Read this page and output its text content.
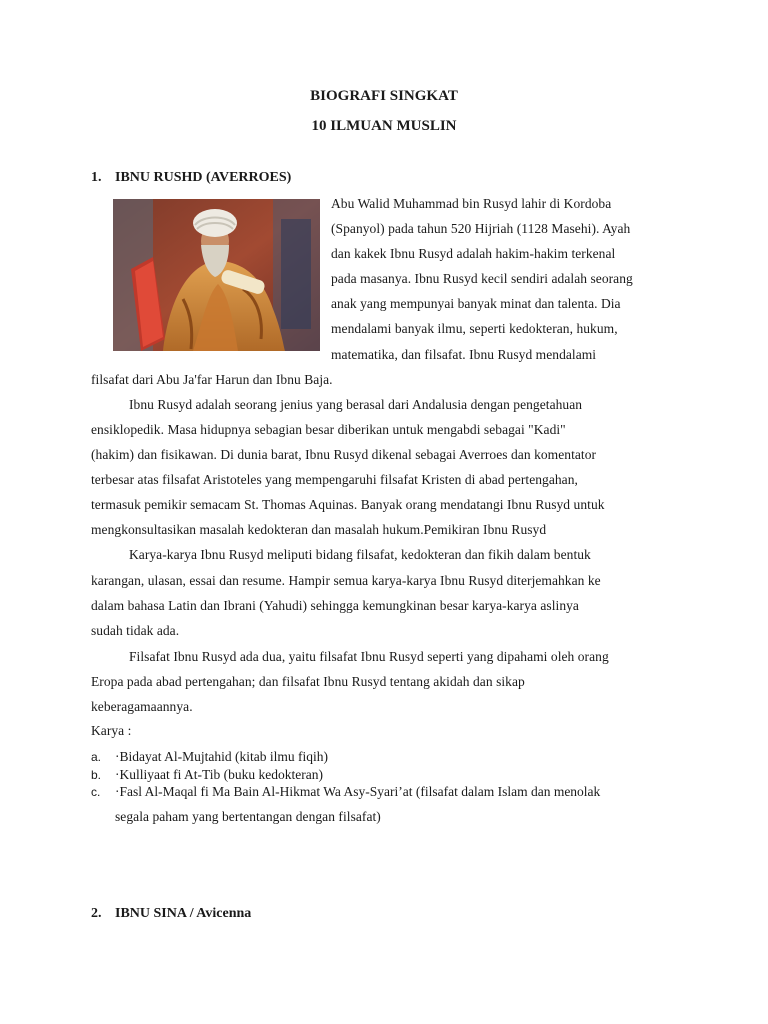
BIOGRAFI SINGKAT
10 ILMUAN MUSLIN
1. IBNU RUSHD (AVERROES)
Abu Walid Muhammad bin Rusyd lahir di Kordoba
(Spanyol) pada tahun 520 Hijriah (1128 Masehi). Ayah
dan kakek Ibnu Rusyd adalah hakim-hakim terkenal
pada masanya. Ibnu Rusyd kecil sendiri adalah seorang
anak yang mempunyai banyak minat dan talenta. Dia
mendalami banyak ilmu, seperti kedokteran, hukum,
matematika, dan filsafat. Ibnu Rusyd mendalami
filsafat dari Abu Ja'far Harun dan Ibnu Baja.
Ibnu Rusyd adalah seorang jenius yang berasal dari Andalusia dengan pengetahuan
ensiklopedik. Masa hidupnya sebagian besar diberikan untuk mengabdi sebagai "Kadi"
(hakim) dan fisikawan. Di dunia barat, Ibnu Rusyd dikenal sebagai Averroes dan komentator
terbesar atas filsafat Aristoteles yang mempengaruhi filsafat Kristen di abad pertengahan,
termasuk pemikir semacam St. Thomas Aquinas. Banyak orang mendatangi Ibnu Rusyd untuk
mengkonsultasikan masalah kedokteran dan masalah hukum.Pemikiran Ibnu Rusyd
Karya-karya Ibnu Rusyd meliputi bidang filsafat, kedokteran dan fikih dalam bentuk
karangan, ulasan, essai dan resume. Hampir semua karya-karya Ibnu Rusyd diterjemahkan ke
dalam bahasa Latin dan Ibrani (Yahudi) sehingga kemungkinan besar karya-karya aslinya
sudah tidak ada.
Filsafat Ibnu Rusyd ada dua, yaitu filsafat Ibnu Rusyd seperti yang dipahami oleh orang
Eropa pada abad pertengahan; dan filsafat Ibnu Rusyd tentang akidah dan sikap
keberagamaannya.
Karya :
a. ·Bidayat Al-Mujtahid (kitab ilmu fiqih)
b. ·Kulliyaat fi At-Tib (buku kedokteran)
c. ·Fasl Al-Maqal fi Ma Bain Al-Hikmat Wa Asy-Syari’at (filsafat dalam Islam dan menolak
segala paham yang bertentangan dengan filsafat)
2. IBNU SINA / Avicenna
